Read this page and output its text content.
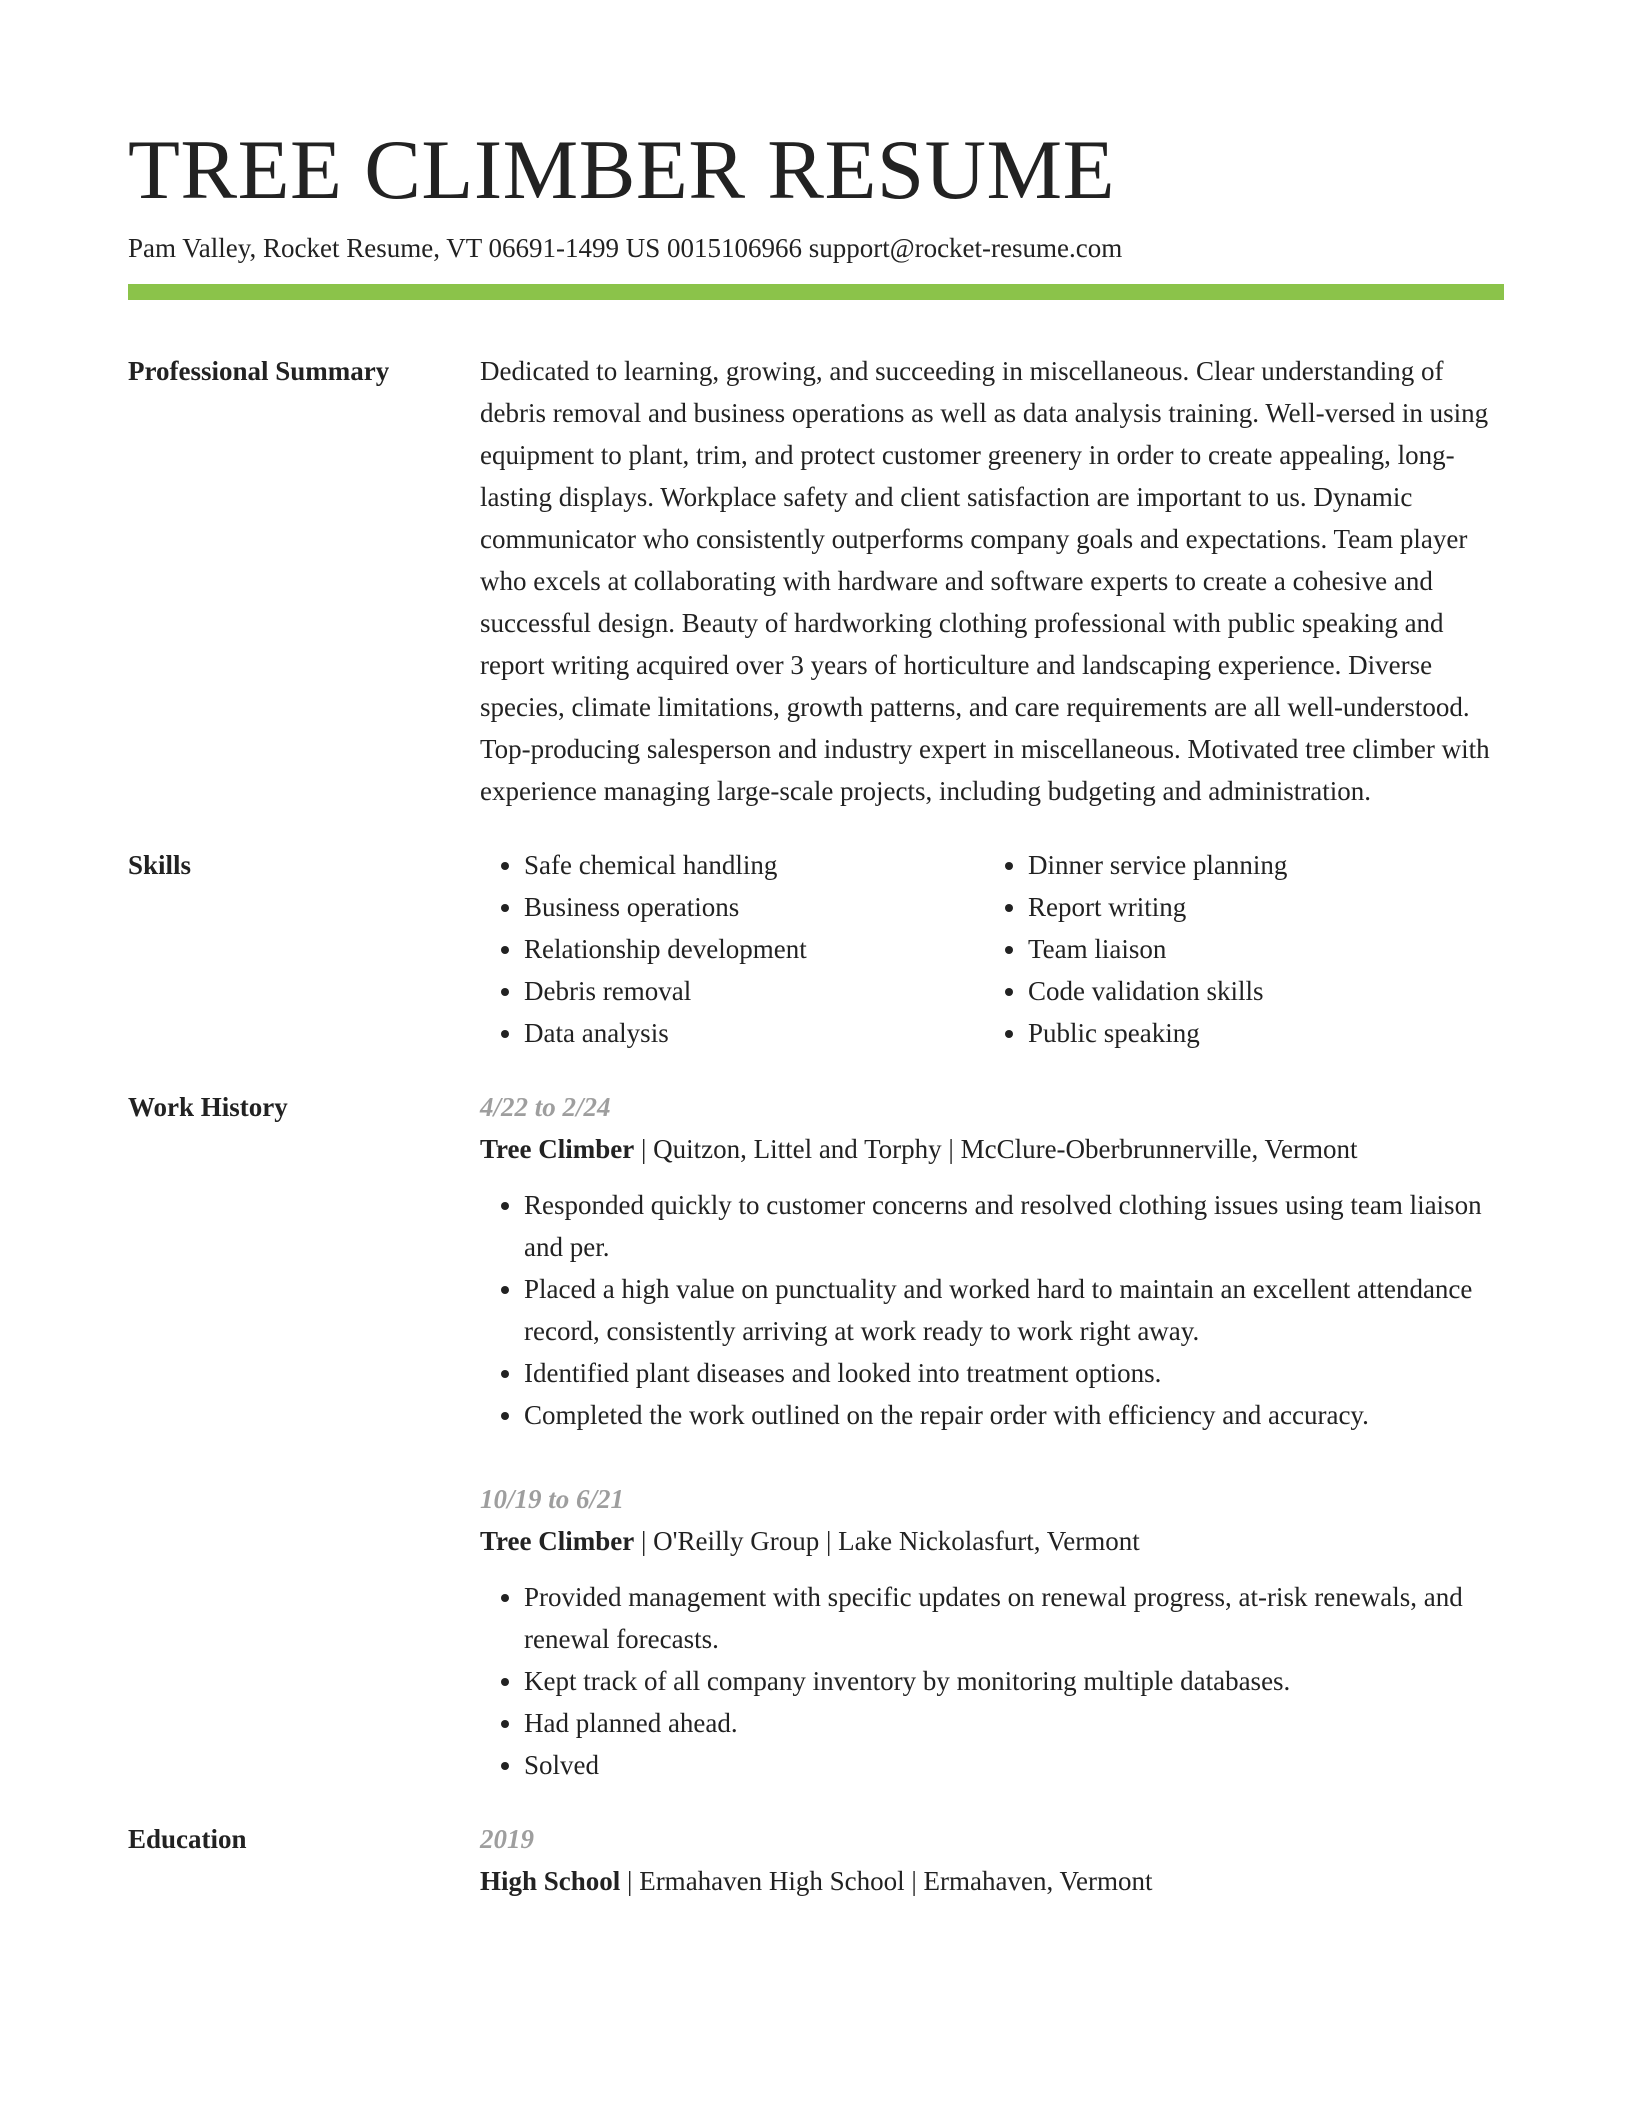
TREE CLIMBER RESUME
Pam Valley, Rocket Resume, VT 06691-1499 US 0015106966 support@rocket-resume.com
Professional Summary	Dedicated to learning, growing, and succeeding in miscellaneous. Clear understanding of debris removal and business operations as well as data analysis training. Well-versed in using equipment to plant, trim, and protect customer greenery in order to create appealing, long-lasting displays. Workplace safety and client satisfaction are important to us. Dynamic communicator who consistently outperforms company goals and expectations. Team player who excels at collaborating with hardware and software experts to create a cohesive and successful design. Beauty of hardworking clothing professional with public speaking and report writing acquired over 3 years of horticulture and landscaping experience. Diverse species, climate limitations, growth patterns, and care requirements are all well-understood. Top-producing salesperson and industry expert in miscellaneous. Motivated tree climber with experience managing large-scale projects, including budgeting and administration.
Skills
•	Safe chemical handling
• Business operations
• Relationship development
• Debris removal
• Data analysis
• Dinner service planning
• Report writing
• Team liaison
• Code validation skills
• Public speaking
Work History	4/22 to 2/24
Tree Climber | Quitzon, Littel and Torphy | McClure-Oberbrunnerville, Vermont
• Responded quickly to customer concerns and resolved clothing issues using team liaison and per.
• Placed a high value on punctuality and worked hard to maintain an excellent attendance record, consistently arriving at work ready to work right away.
• Identified plant diseases and looked into treatment options.
• Completed the work outlined on the repair order with efficiency and accuracy.
10/19 to 6/21
Tree Climber | O'Reilly Group | Lake Nickolasfurt, Vermont
• Provided management with specific updates on renewal progress, at-risk renewals, and renewal forecasts.
• Kept track of all company inventory by monitoring multiple databases.
• Had planned ahead.
• Solved
Education	2019
High School | Ermahaven High School | Ermahaven, Vermont
